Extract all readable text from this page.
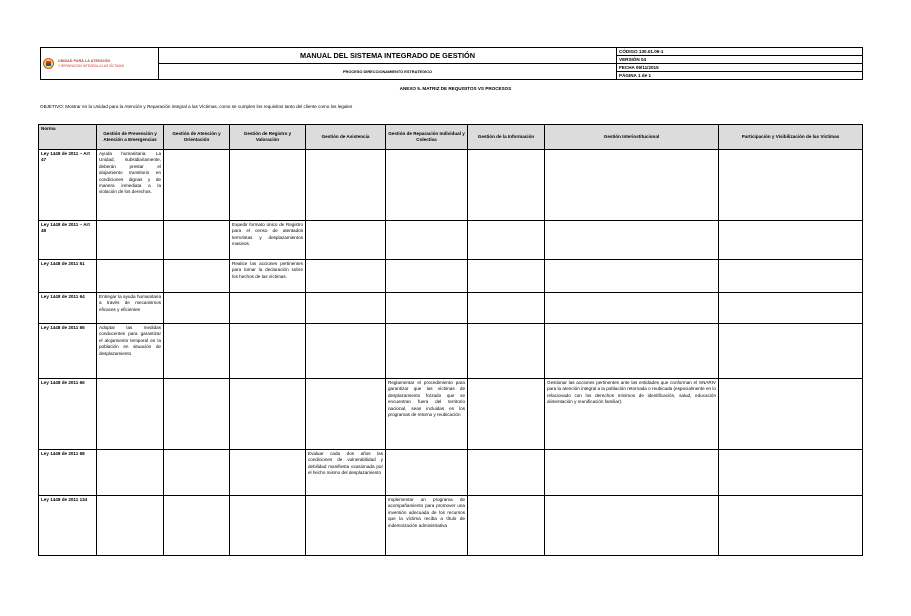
UNIDAD PARA LA ATENCIÓN
Y REPARACIÓN INTEGRAL A LAS VÍCTIMAS	MANUAL DEL SISTEMA INTEGRADO DE GESTIÓN	CÓDIGO 130.01.06-1
		VERSIÓN 04
	PROCESO DIRECCIONAMIENTO ESTRATEGICO	FECHA 09/11/2015
		PÁGINA 1 de 1
ANEXO 5. MATRIZ DE REQUISITOS VS PROCESOS
OBJETIVO: Mostrar en la Unidad para la Atención y Reparación integral a las Víctimas, como se cumplen los requisitos tanto del cliente como los legales
Norma	Gestión de Prevención y Atención a Emergencias	Gestión de Atención y Orientación	Gestión de Registro y Valoración	Gestión de Asistencia	Gestión de Reparación Individual y Colectiva	Gestión de la Información	Gestión Interinstitucional	Participación y Visibilización de las Víctimas
Ley 1448 de 2011 – Art 47	Ayuda humanitaria: La Unidad, subsidiariamente, deberán prestar el alojamiento transitorio en condiciones dignas y de manera inmediata a la violación de los derechos.							
Ley 1448 de 2011 – Art 48			Expedir formato único de Registro para el censo de atentados terroristas y desplazamientos masivos.					
Ley 1448 de 2011 61			Realice las acciones pertinentes para tomar la declaración sobre los hechos de las víctimas.					
Ley 1448 de 2011 64	Entregar la ayuda humanitaria a través de mecanismos eficaces y eficientes							
Ley 1448 de 2011 65	Adoptar las medidas conducentes para garantizar el alojamiento temporal en la población en situación de desplazamiento							
Ley 1448 de 2011 66					Reglamentar el procedimiento para garantizar que las víctimas de desplazamiento forzado que se encuentran fuera del territorio nacional, sean incluidas en los programas de retorno y reubicación		Gestionar las acciones pertinentes ante las entidades que conforman el SNARIV para la atención integral a la población retornada o reubicada (especialmente en lo relacionado con los derechos mínimos de identificación, salud, educación alimentación y reunificación familiar).	
Ley 1448 de 2011 68				Evaluar cada dos años las condiciones de vulnerabilidad y debilidad manifiesta ocasionada por el hecho mismo del desplazamiento				
Ley 1448 de 2011 134					Implementar un programa de acompañamiento para promover una inversión adecuada de los recursos que la víctima reciba a título de indemnización administrativa			
